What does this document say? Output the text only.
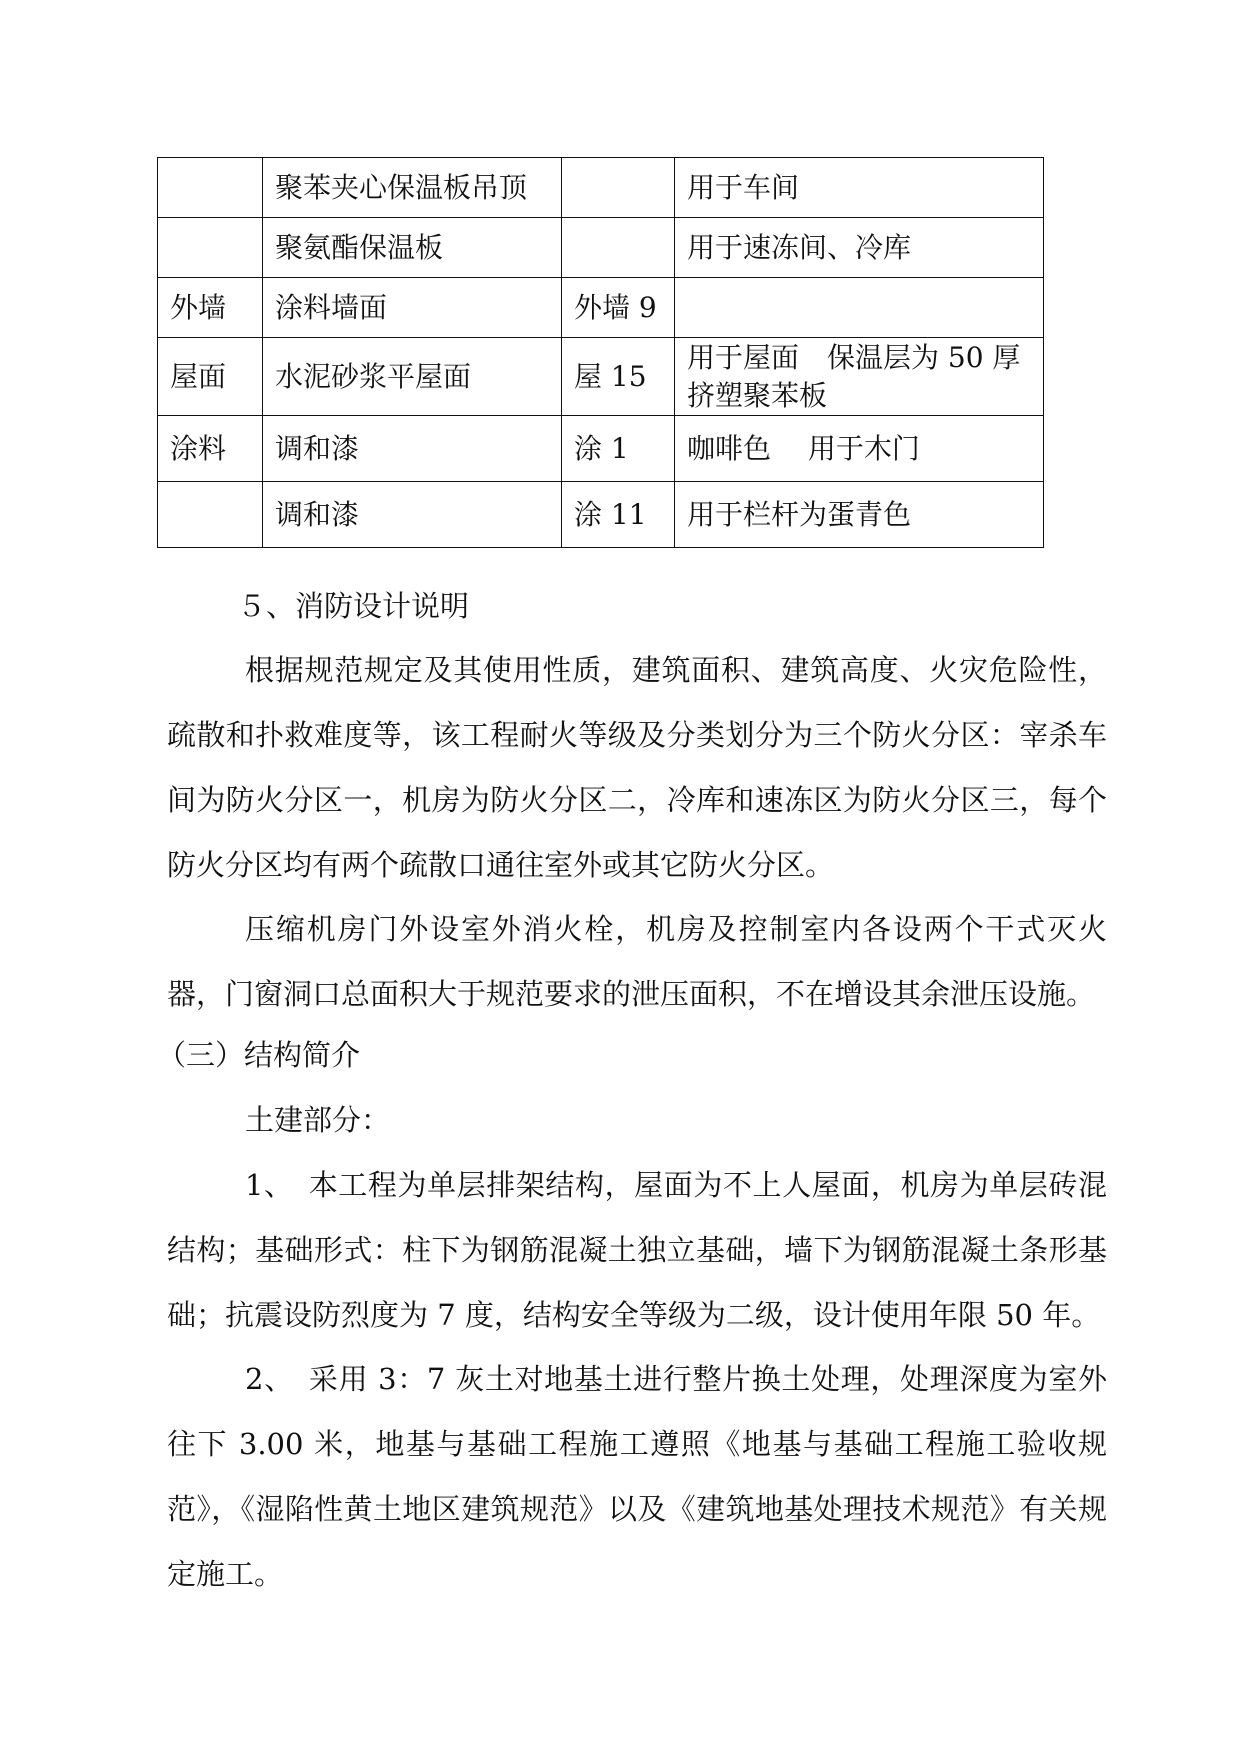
	聚苯夹心保温板吊顶		用于车间
	聚氨酯保温板		用于速冻间、冷库
外墙	涂料墙面	外墙 9	
屋面	水泥砂浆平屋面	屋 15	用于屋面　保温层为 50 厚挤塑聚苯板
涂料	调和漆	涂 1	咖啡色　 用于木门
	调和漆	涂 11	用于栏杆为蛋青色

５、消防设计说明

根据规范规定及其使用性质，建筑面积、建筑高度、火灾危险性，疏散和扑救难度等，该工程耐火等级及分类划分为三个防火分区：宰杀车间为防火分区一，机房为防火分区二，冷库和速冻区为防火分区三，每个防火分区均有两个疏散口通往室外或其它防火分区。

压缩机房门外设室外消火栓，机房及控制室内各设两个干式灭火器，门窗洞口总面积大于规范要求的泄压面积，不在增设其余泄压设施。

（三）结构简介

土建部分：

1、　本工程为单层排架结构，屋面为不上人屋面，机房为单层砖混结构；基础形式：柱下为钢筋混凝土独立基础，墙下为钢筋混凝土条形基础；抗震设防烈度为 7 度，结构安全等级为二级，设计使用年限 50 年。

2、　采用 3：7 灰土对地基土进行整片换土处理，处理深度为室外往下 3.00 米，地基与基础工程施工遵照《地基与基础工程施工验收规范》，《湿陷性黄土地区建筑规范》以及《建筑地基处理技术规范》有关规定施工。
